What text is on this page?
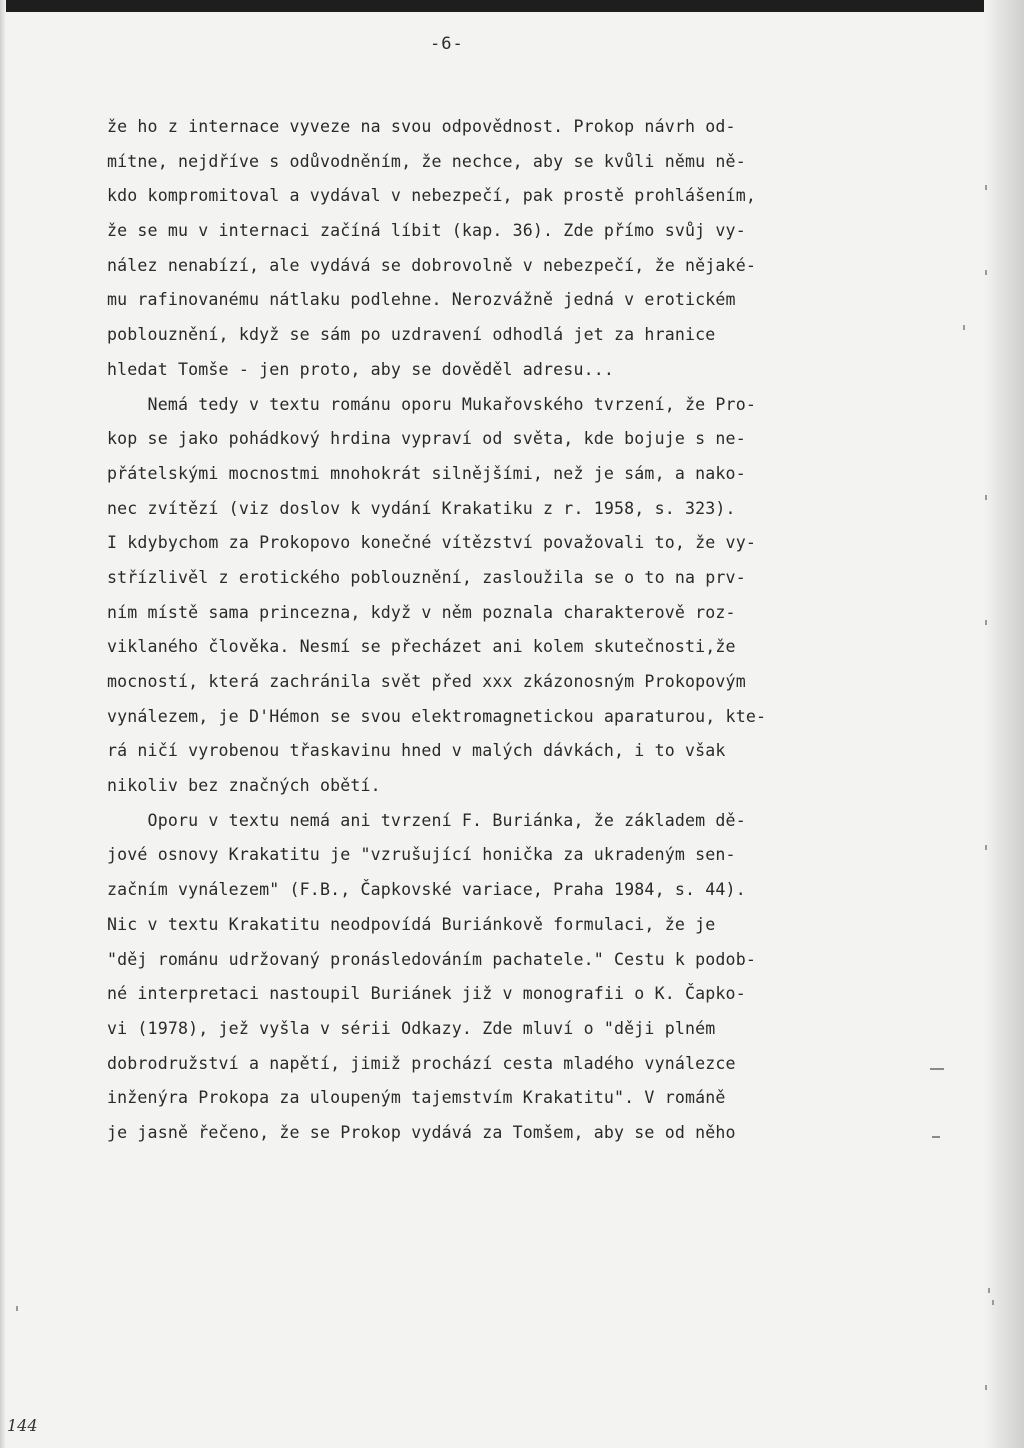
-6-
že ho z internace vyveze na svou odpovědnost. Prokop návrh od-
mítne, nejdříve s odůvodněním, že nechce, aby se kvůli němu ně-
kdo kompromitoval a vydával v nebezpečí, pak prostě prohlášením,
že se mu v internaci začíná líbit (kap. 36). Zde přímo svůj vy-
nález nenabízí, ale vydává se dobrovolně v nebezpečí, že nějaké-
mu rafinovanému nátlaku podlehne. Nerozvážně jedná v erotickém
poblouznění, když se sám po uzdravení odhodlá jet za hranice
hledat Tomše - jen proto, aby se dověděl adresu...
Nemá tedy v textu románu oporu Mukařovského tvrzení, že Pro-
kop se jako pohádkový hrdina vypraví od světa, kde bojuje s ne-
přátelskými mocnostmi mnohokrát silnějšími, než je sám, a nako-
nec zvítězí (viz doslov k vydání Krakatiku z r. 1958, s. 323).
I kdybychom za Prokopovo konečné vítězství považovali to, že vy-
střízlivěl z erotického poblouznění, zasloužila se o to na prv-
ním místě sama princezna, když v něm poznala charakterově roz-
viklaného člověka. Nesmí se přecházet ani kolem skutečnosti,že
mocností, která zachránila svět před xxx zkázonosným Prokopovým
vynálezem, je D'Hémon se svou elektromagnetickou aparaturou, kte-
rá ničí vyrobenou třaskavinu hned v malých dávkách, i to však
nikoliv bez značných obětí.
Oporu v textu nemá ani tvrzení F. Buriánka, že základem dě-
jové osnovy Krakatitu je "vzrušující honička za ukradeným sen-
začním vynálezem" (F.B., Čapkovské variace, Praha 1984, s. 44).
Nic v textu Krakatitu neodpovídá Buriánkově formulaci, že je
"děj románu udržovaný pronásledováním pachatele." Cestu k podob-
né interpretaci nastoupil Buriánek již v monografii o K. Čapko-
vi (1978), jež vyšla v sérii Odkazy. Zde mluví o "ději plném
dobrodružství a napětí, jimiž prochází cesta mladého vynálezce
inženýra Prokopa za uloupeným tajemstvím Krakatitu". V románě
je jasně řečeno, že se Prokop vydává za Tomšem, aby se od něho
144
